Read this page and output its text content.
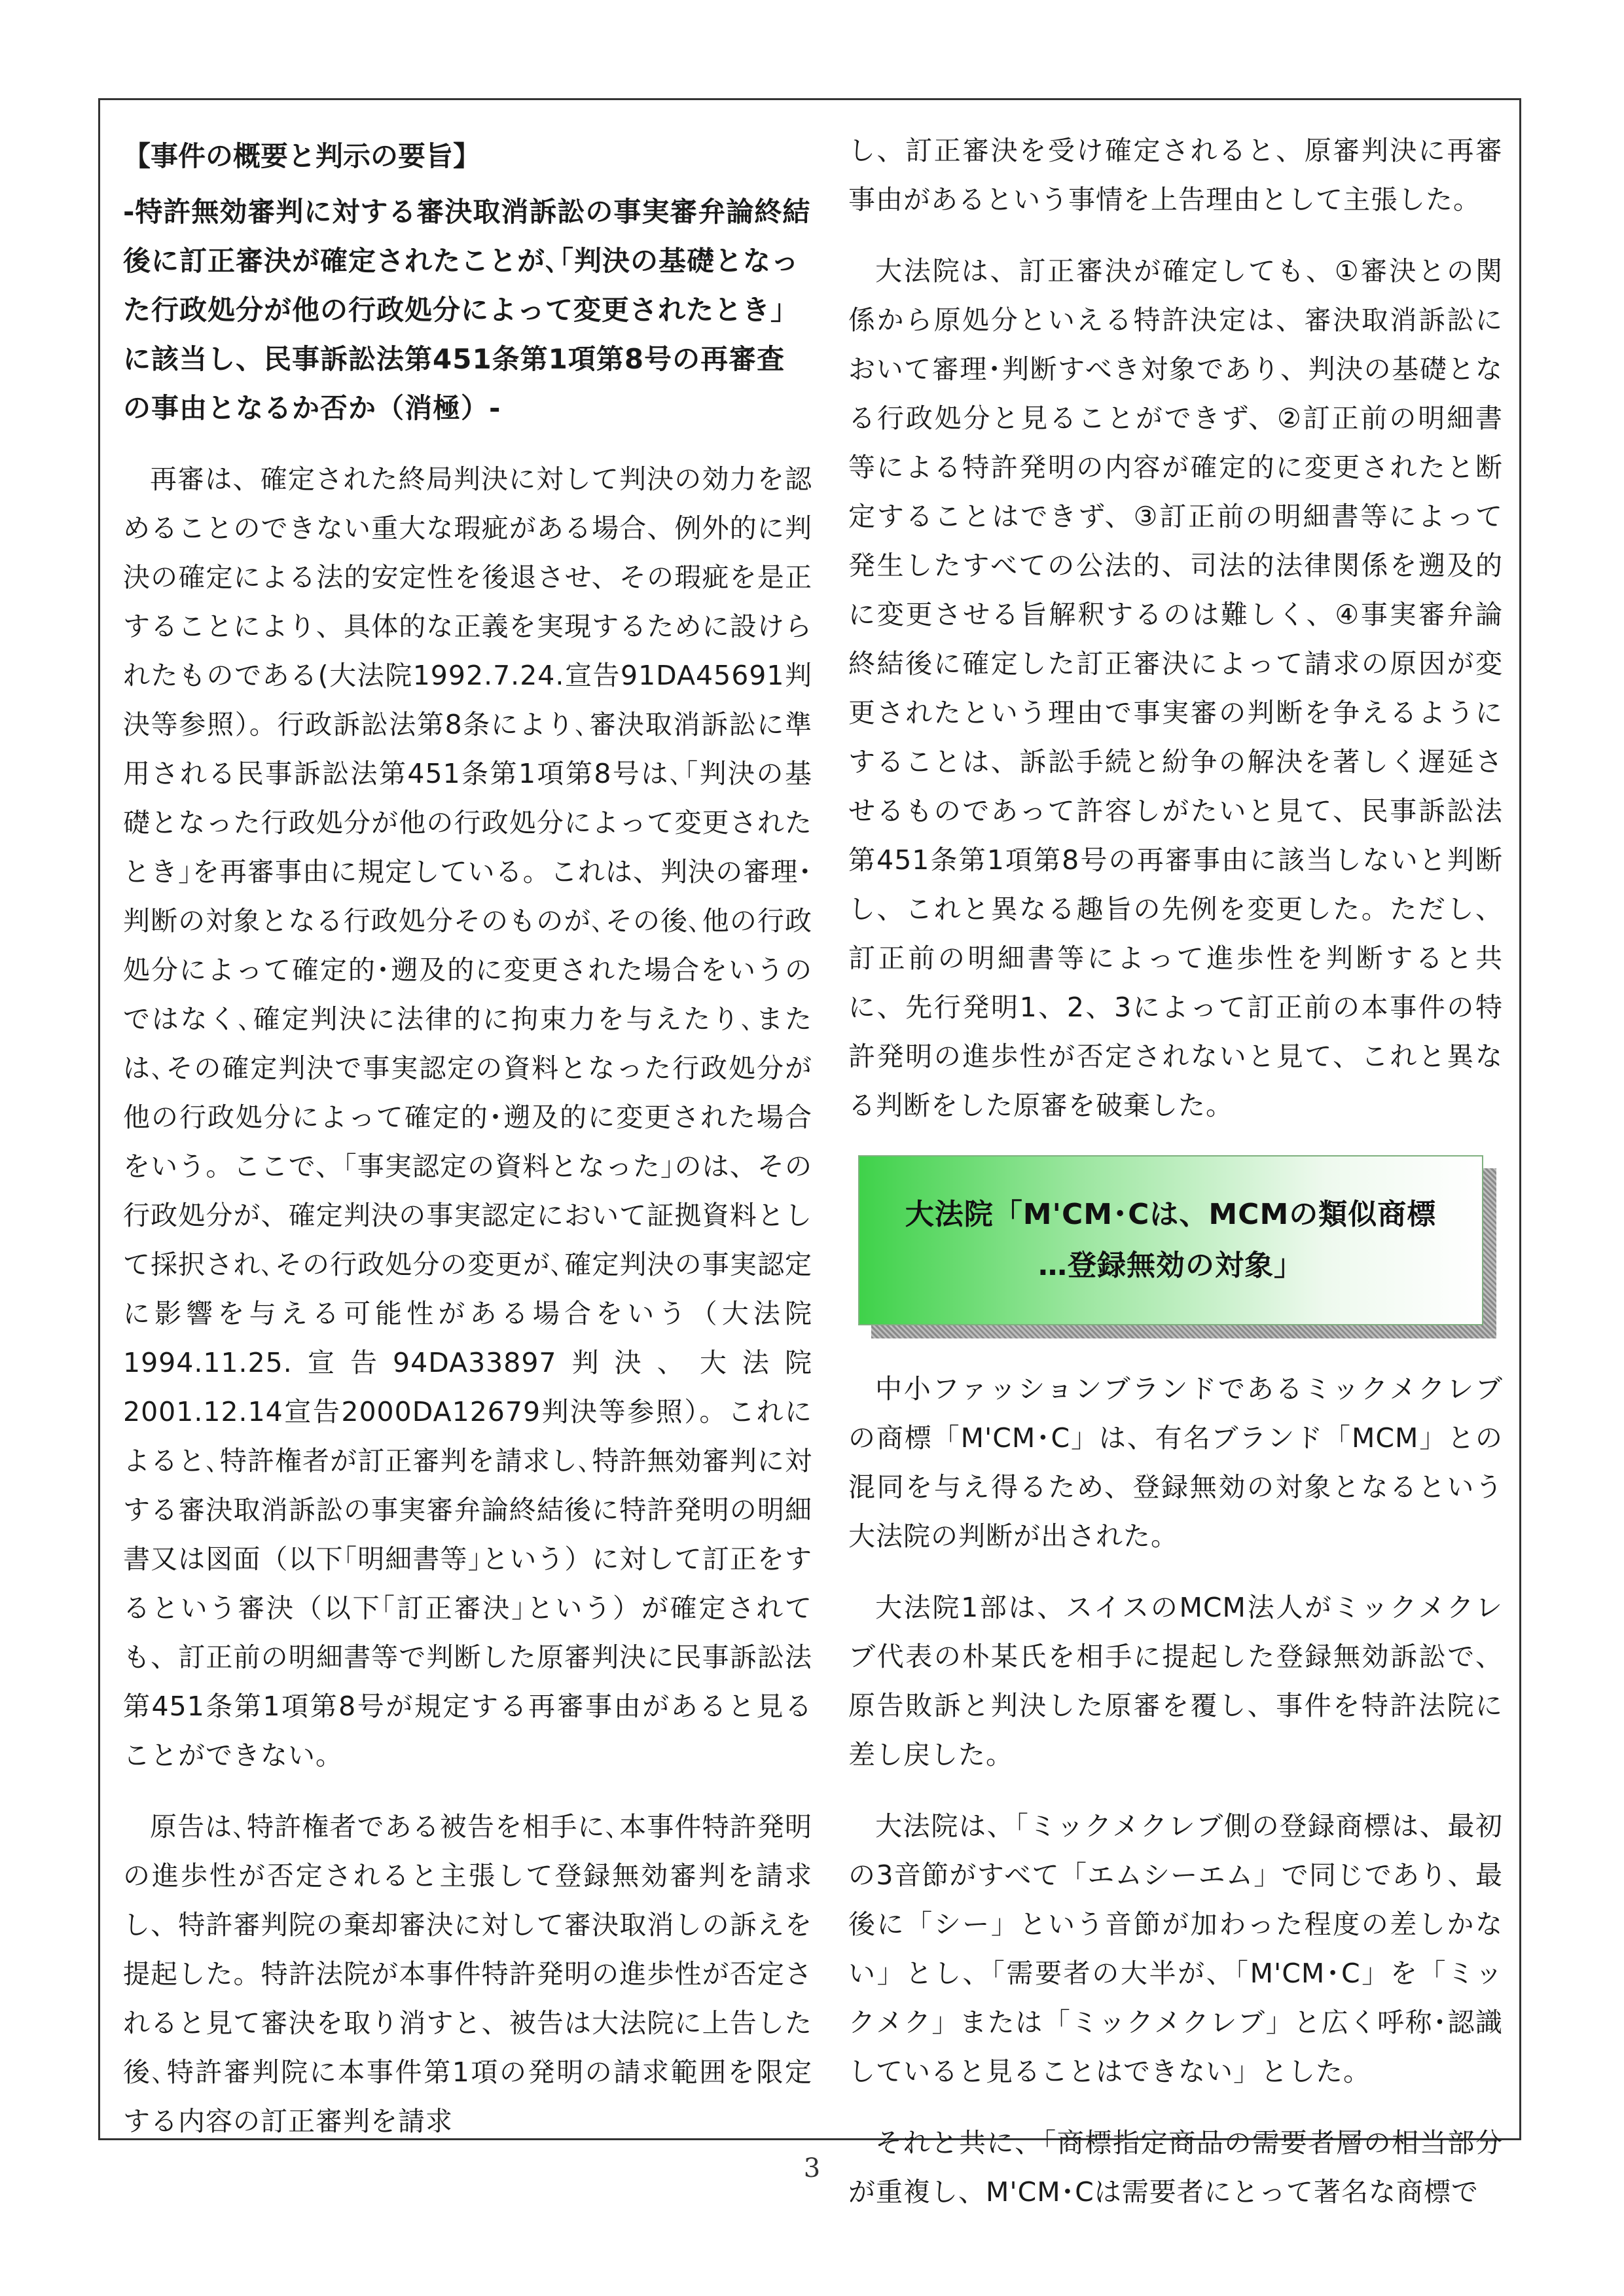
【事件の概要と判示の要旨】

-特許無効審判に対する審決取消訴訟の事実審弁論終結後に訂正審決が確定されたことが､｢判決の基礎となった行政処分が他の行政処分によって変更されたとき｣に該当し、民事訴訟法第451条第1項第8号の再審査の事由となるか否か（消極）-

再審は、確定された終局判決に対して判決の効力を認めることのできない重大な瑕疵がある場合、例外的に判決の確定による法的安定性を後退させ、その瑕疵を是正することにより、具体的な正義を実現するために設けられたものである(大法院1992.7.24.宣告91DA45691判決等参照）。行政訴訟法第8条により､審決取消訴訟に準用される民事訴訟法第451条第1項第8号は､｢判決の基礎となった行政処分が他の行政処分によって変更されたとき｣を再審事由に規定している。これは、判決の審理･判断の対象となる行政処分そのものが､その後､他の行政処分によって確定的･遡及的に変更された場合をいうのではなく､確定判決に法律的に拘束力を与えたり､または､その確定判決で事実認定の資料となった行政処分が他の行政処分によって確定的･遡及的に変更された場合をいう。ここで、｢事実認定の資料となった｣のは、その行政処分が、確定判決の事実認定において証拠資料として採択され､その行政処分の変更が､確定判決の事実認定に影響を与える可能性がある場合をいう（大法院1994.11.25.宣告94DA33897判決、大法院2001.12.14宣告2000DA12679判決等参照）。これによると､特許権者が訂正審判を請求し､特許無効審判に対する審決取消訴訟の事実審弁論終結後に特許発明の明細書又は図面（以下｢明細書等｣という）に対して訂正をするという審決（以下｢訂正審決｣という）が確定されても、訂正前の明細書等で判断した原審判決に民事訴訟法第451条第1項第8号が規定する再審事由があると見ることができない。

原告は､特許権者である被告を相手に､本事件特許発明の進歩性が否定されると主張して登録無効審判を請求し、特許審判院の棄却審決に対して審決取消しの訴えを提起した。特許法院が本事件特許発明の進歩性が否定されると見て審決を取り消すと、被告は大法院に上告した後､特許審判院に本事件第1項の発明の請求範囲を限定する内容の訂正審判を請求

し、訂正審決を受け確定されると、原審判決に再審事由があるという事情を上告理由として主張した。

大法院は、訂正審決が確定しても、①審決との関係から原処分といえる特許決定は、審決取消訴訟において審理･判断すべき対象であり、判決の基礎となる行政処分と見ることができず、②訂正前の明細書等による特許発明の内容が確定的に変更されたと断定することはできず、③訂正前の明細書等によって発生したすべての公法的、司法的法律関係を遡及的に変更させる旨解釈するのは難しく、④事実審弁論終結後に確定した訂正審決によって請求の原因が変更されたという理由で事実審の判断を争えるようにすることは、訴訟手続と紛争の解決を著しく遅延させるものであって許容しがたいと見て、民事訴訟法第451条第1項第8号の再審事由に該当しないと判断し、これと異なる趣旨の先例を変更した。ただし、訂正前の明細書等によって進歩性を判断すると共に、先行発明1、2、3によって訂正前の本事件の特許発明の進歩性が否定されないと見て、これと異なる判断をした原審を破棄した。

大法院「M'CM･Cは、MCMの類似商標
…登録無効の対象」

中小ファッションブランドであるミックメクレブの商標「M'CM･C」は、有名ブランド「MCM」との混同を与え得るため、登録無効の対象となるという大法院の判断が出された。

大法院1部は、スイスのMCM法人がミックメクレブ代表の朴某氏を相手に提起した登録無効訴訟で、原告敗訴と判決した原審を覆し、事件を特許法院に差し戻した。

大法院は、「ミックメクレブ側の登録商標は、最初の3音節がすべて「エムシーエム」で同じであり、最後に「シー」という音節が加わった程度の差しかない」とし、「需要者の大半が、「M'CM･C」を「ミックメク」または「ミックメクレブ」と広く呼称･認識していると見ることはできない」とした。

それと共に、「商標指定商品の需要者層の相当部分が重複し、M'CM･Cは需要者にとって著名な商標で

3
